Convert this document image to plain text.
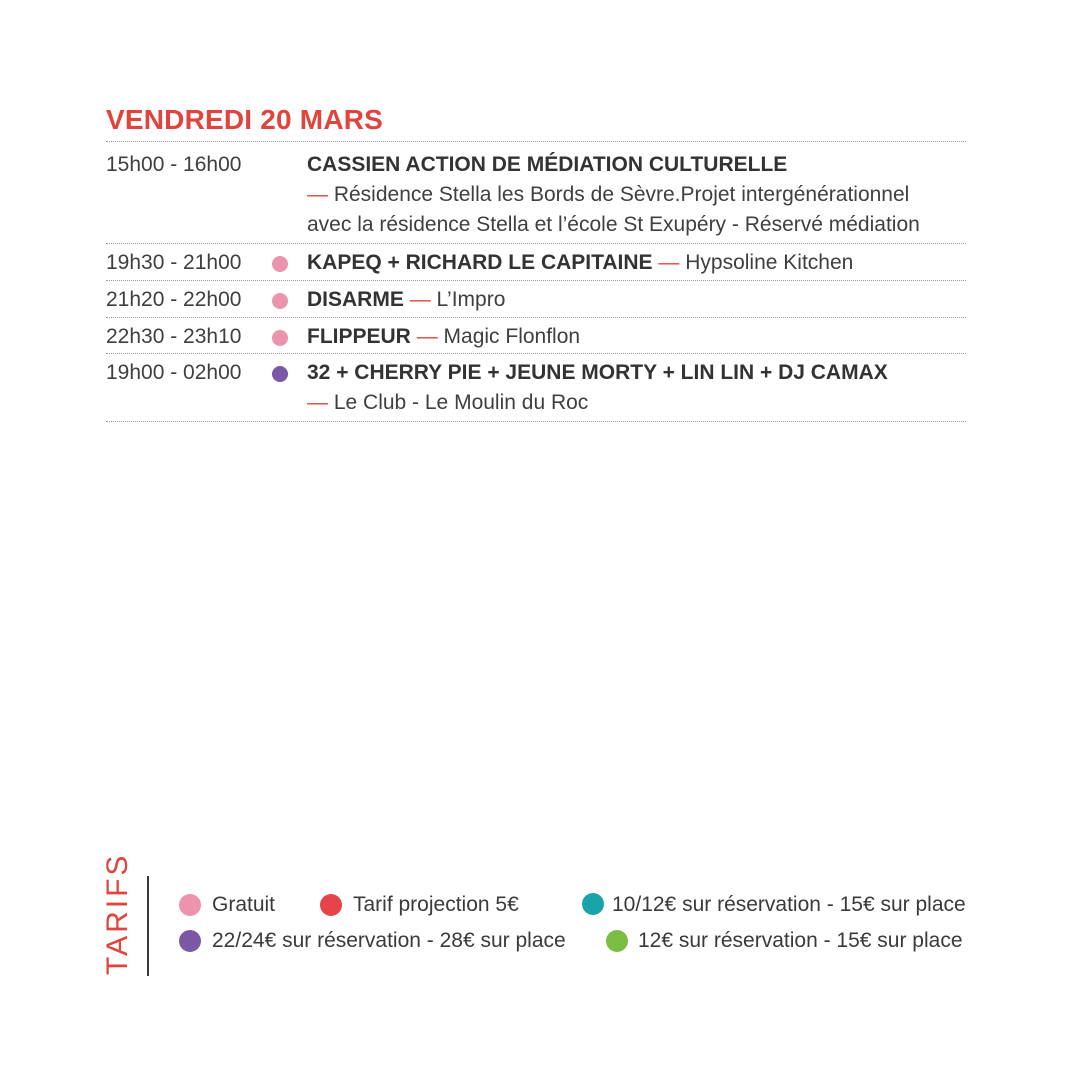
VENDREDI 20 MARS
15h00 - 16h00	CASSIEN ACTION DE MÉDIATION CULTURELLE
— Résidence Stella les Bords de Sèvre.Projet intergénérationnel
avec la résidence Stella et l’école St Exupéry - Réservé médiation
19h30 - 21h00	KAPEQ + RICHARD LE CAPITAINE — Hypsoline Kitchen
21h20 - 22h00	DISARME — L’Impro
22h30 - 23h10	FLIPPEUR — Magic Flonflon
19h00 - 02h00	32 + CHERRY PIE + JEUNE MORTY + LIN LIN + DJ CAMAX
— Le Club - Le Moulin du Roc
TARIFS	Gratuit	Tarif projection 5€	10/12€ sur réservation - 15€ sur place
22/24€ sur réservation - 28€ sur place	12€ sur réservation - 15€ sur place
